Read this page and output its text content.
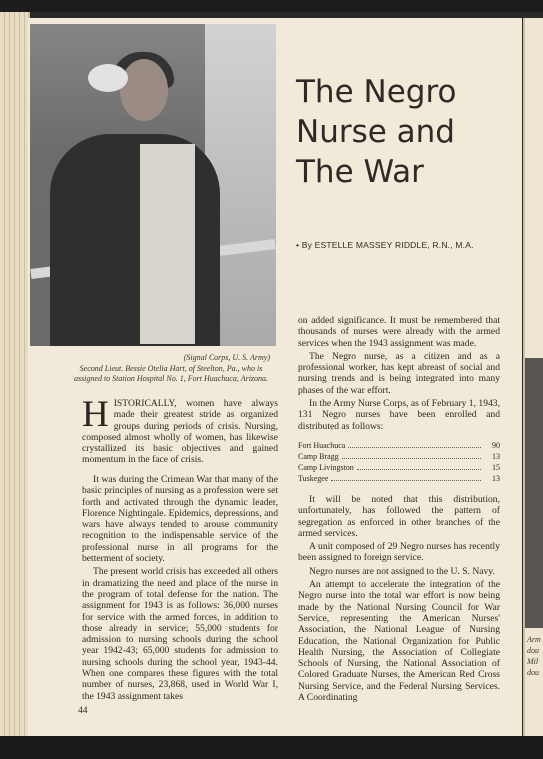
(Signal Corps, U. S. Army)
Second Lieut. Bessie Otelia Hart, of Steelton, Pa., who is assigned to Station Hospital No. 1, Fort Huachuca, Arizona.
The Negro
Nurse and
The War
• By ESTELLE MASSEY RIDDLE, R.N., M.A.
H ISTORICALLY, women have always made their greatest stride as organized groups during periods of crisis. Nursing, composed almost wholly of women, has likewise crystallized its basic objectives and gained momentum in the face of crisis.

It was during the Crimean War that many of the basic principles of nursing as a profession were set forth and activated through the dynamic leader, Florence Nightingale. Epidemics, depressions, and wars have always tended to arouse community recognition to the indispensable service of the professional nurse in all programs for the betterment of society.

The present world crisis has exceeded all others in dramatizing the need and place of the nurse in the program of total defense for the nation. The assignment for 1943 is as follows: 36,000 nurses for service with the armed forces, in addition to those already in service; 55,000 students for admission to nursing schools during the school year 1942-43; 65,000 students for admission to nursing schools during the school year, 1943-44. When one compares these figures with the total number of nurses, 23,868, used in World War I, the 1943 assignment takes

on added significance. It must be remembered that thousands of nurses were already with the armed services when the 1943 assignment was made.

The Negro nurse, as a citizen and as a professional worker, has kept abreast of social and nursing trends and is being integrated into many phases of the war effort.

In the Army Nurse Corps, as of February 1, 1943, 131 Negro nurses have been enrolled and distributed as follows:

Fort Huachuca	90
Camp Bragg	13
Camp Livingston	15
Tuskegee	13

It will be noted that this distribution, unfortunately, has followed the pattern of segregation as enforced in other branches of the armed services.

A unit composed of 29 Negro nurses has recently been assigned to foreign service.

Negro nurses are not assigned to the U. S. Navy.

An attempt to accelerate the integration of the Negro nurse into the total war effort is now being made by the National Nursing Council for War Service, representing the American Nurses' Association, the National League of Nursing Education, the National Organization for Public Health Nursing, the Association of Collegiate Schools of Nursing, the National Association of Colored Graduate Nurses, the American Red Cross Nursing Service, and the Federal Nursing Services. A Coordinating

44
Arm
dou
Mil
dou
